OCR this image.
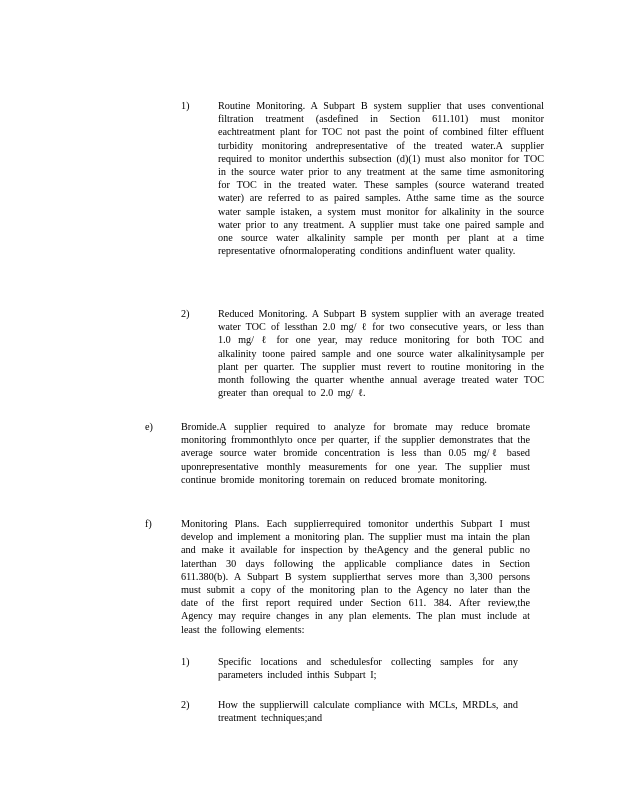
1)	Routine Monitoring. A Subpart B system supplier that uses conventional filtration treatment (asdefined in Section 611.101) must monitor eachtreatment plant for TOC not past the point of combined filter effluent turbidity monitoring andrepresentative of the treated water.A supplier required to monitor underthis subsection (d)(1) must also monitor for TOC in the source water prior to any treatment at the same time asmonitoring for TOC in the treated water. These samples (source waterand treated water) are referred to as paired samples. Atthe same time as the source water sample istaken, a system must monitor for alkalinity in the source water prior to any treatment. A supplier must take one paired sample and one source water alkalinity sample per month per plant at a time representative ofnormaloperating conditions andinfluent water quality.
2)	Reduced Monitoring. A Subpart B system supplier with an average treated water TOC of lessthan 2.0 mg/ ℓ for two consecutive years, or less than 1.0 mg/ ℓ for one year, may reduce monitoring for both TOC and alkalinity toone paired sample and one source water alkalinitysample per plant per quarter. The supplier must revert to routine monitoring in the month following the quarter whenthe annual average treated water TOC greater than orequal to 2.0 mg/ ℓ.
e)	Bromide.A supplier required to analyze for bromate may reduce bromate monitoring frommonthlyto once per quarter, if the supplier demonstrates that the average source water bromide concentration is less than 0.05 mg/ℓ based uponrepresentative monthly measurements for one year. The supplier must continue bromide monitoring toremain on reduced bromate monitoring.
f)	Monitoring Plans. Each supplierrequired tomonitor underthis Subpart I must develop and implement a monitoring plan. The supplier must ma intain the plan and make it available for inspection by theAgency and the general public no laterthan 30 days following the applicable compliance dates in Section 611.380(b). A Subpart B system supplierthat serves more than 3,300 persons must submit a copy of the monitoring plan to the Agency no later than the date of the first report required under Section 611. 384. After review,the Agency may require changes in any plan elements. The plan must include at least the following elements:
1)	Specific locations and schedulesfor collecting samples for any parameters included inthis Subpart I;
2)	How the supplierwill calculate compliance with MCLs, MRDLs, and treatment techniques;and
